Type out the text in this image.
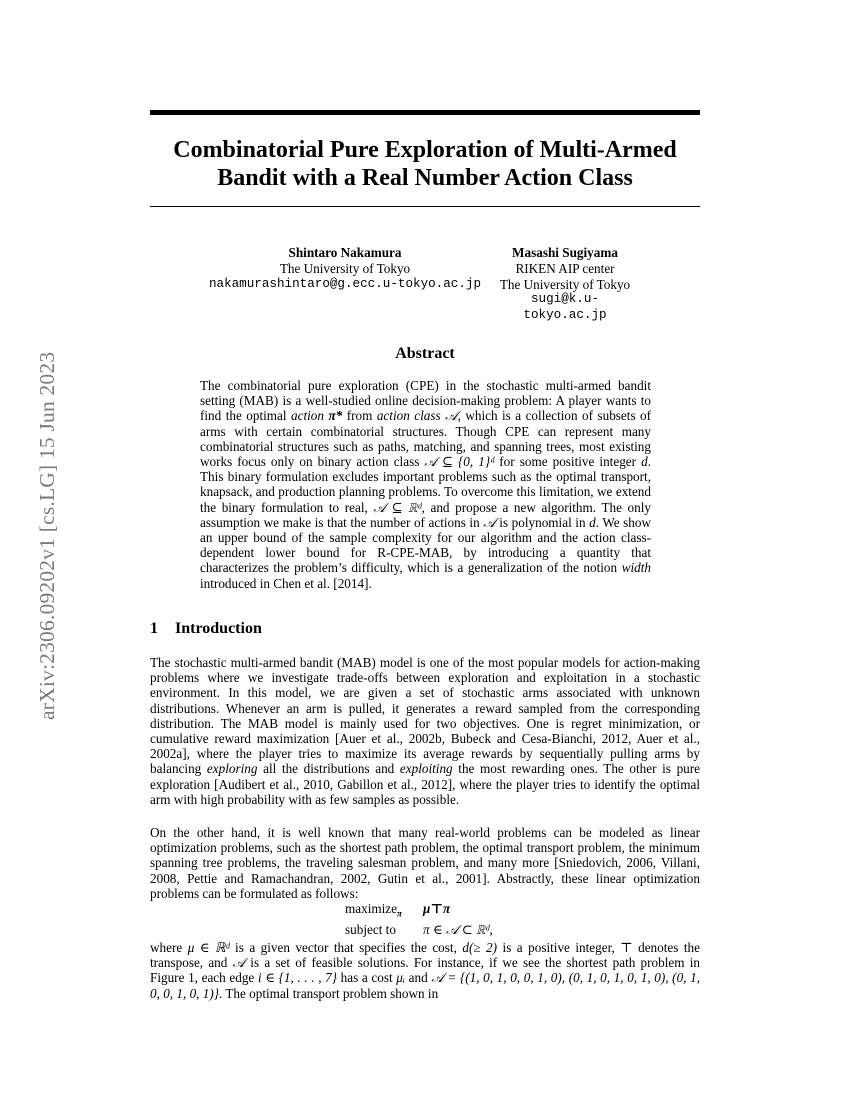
arXiv:2306.09202v1 [cs.LG] 15 Jun 2023
Combinatorial Pure Exploration of Multi-Armed
Bandit with a Real Number Action Class
Shintaro Nakamura
The University of Tokyo
nakamurashintaro@g.ecc.u-tokyo.ac.jp
Masashi Sugiyama
RIKEN AIP center
The University of Tokyo
sugi@k.u-tokyo.ac.jp
Abstract
The combinatorial pure exploration (CPE) in the stochastic multi-armed bandit setting (MAB) is a well-studied online decision-making problem: A player wants to find the optimal action π* from action class 𝒜, which is a collection of subsets of arms with certain combinatorial structures. Though CPE can represent many combinatorial structures such as paths, matching, and spanning trees, most existing works focus only on binary action class 𝒜 ⊆ {0, 1}ᵈ for some positive integer d. This binary formulation excludes important problems such as the optimal transport, knapsack, and production planning problems. To overcome this limitation, we extend the binary formulation to real, 𝒜 ⊆ ℝᵈ, and propose a new algorithm. The only assumption we make is that the number of actions in 𝒜 is polynomial in d. We show an upper bound of the sample complexity for our algorithm and the action class-dependent lower bound for R-CPE-MAB, by introducing a quantity that characterizes the problem’s difficulty, which is a generalization of the notion width introduced in Chen et al. [2014].
1 Introduction
The stochastic multi-armed bandit (MAB) model is one of the most popular models for action-making problems where we investigate trade-offs between exploration and exploitation in a stochastic environment. In this model, we are given a set of stochastic arms associated with unknown distributions. Whenever an arm is pulled, it generates a reward sampled from the corresponding distribution. The MAB model is mainly used for two objectives. One is regret minimization, or cumulative reward maximization [Auer et al., 2002b, Bubeck and Cesa-Bianchi, 2012, Auer et al., 2002a], where the player tries to maximize its average rewards by sequentially pulling arms by balancing exploring all the distributions and exploiting the most rewarding ones. The other is pure exploration [Audibert et al., 2010, Gabillon et al., 2012], where the player tries to identify the optimal arm with high probability with as few samples as possible.
On the other hand, it is well known that many real-world problems can be modeled as linear optimization problems, such as the shortest path problem, the optimal transport problem, the minimum spanning tree problems, the traveling salesman problem, and many more [Sniedovich, 2006, Villani, 2008, Pettie and Ramachandran, 2002, Gutin et al., 2001]. Abstractly, these linear optimization problems can be formulated as follows:
maximize$_\pi$ μ⊤π
subject to π ∈ 𝒜 ⊂ ℝᵈ,
where μ ∈ ℝᵈ is a given vector that specifies the cost, d(≥ 2) is a positive integer, ⊤ denotes the transpose, and 𝒜 is a set of feasible solutions. For instance, if we see the shortest path problem in Figure 1, each edge i ∈ {1, . . . , 7} has a cost μᵢ and 𝒜 = {(1, 0, 1, 0, 0, 1, 0), (0, 1, 0, 1, 0, 1, 0), (0, 1, 0, 0, 1, 0, 1)}. The optimal transport problem shown in
